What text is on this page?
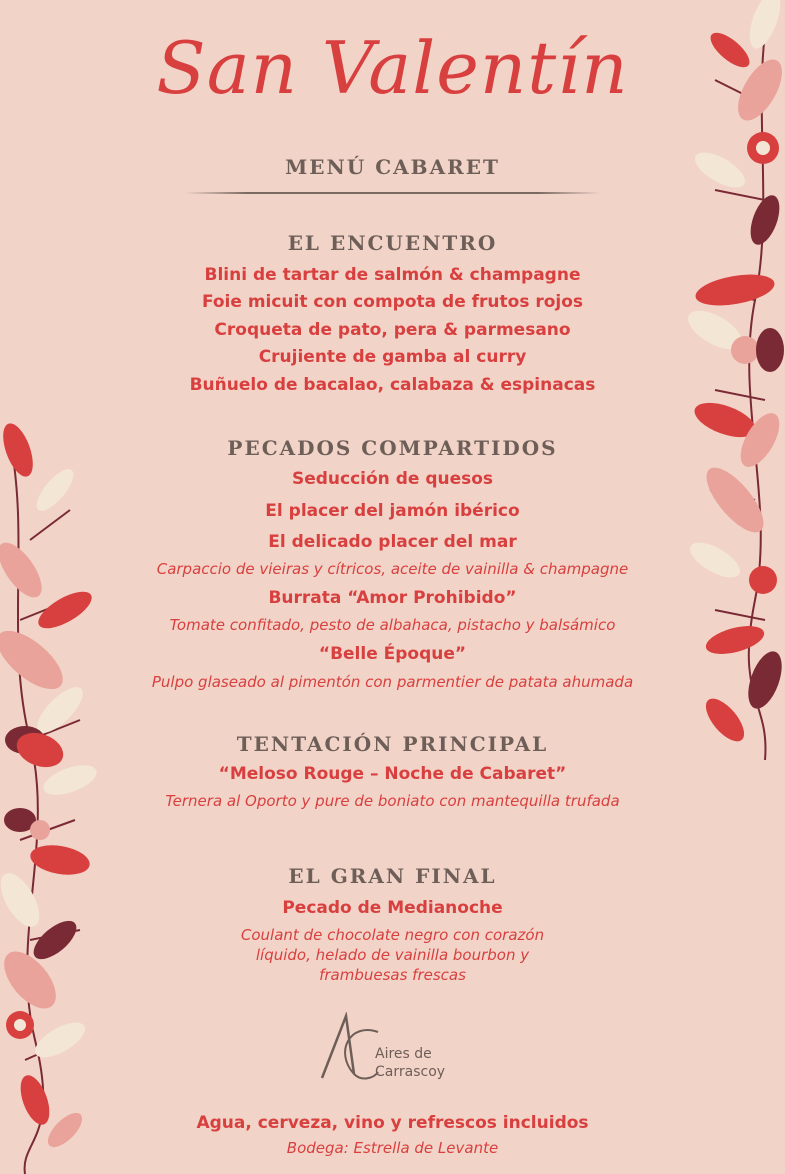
San Valentín
MENÚ CABARET
EL ENCUENTRO
Blini de tartar de salmón & champagne
Foie micuit con compota de frutos rojos
Croqueta de pato, pera & parmesano
Crujiente de gamba al curry
Buñuelo de bacalao, calabaza & espinacas
PECADOS COMPARTIDOS
Seducción de quesos
El placer del jamón ibérico
El delicado placer del mar
Carpaccio de vieiras y cítricos, aceite de vainilla & champagne
Burrata “Amor Prohibido”
Tomate confitado, pesto de albahaca, pistacho y balsámico
“Belle Époque”
Pulpo glaseado al pimentón con parmentier de patata ahumada
TENTACIÓN PRINCIPAL
“Meloso Rouge – Noche de Cabaret”
Ternera al Oporto y pure de boniato con mantequilla trufada
EL GRAN FINAL
Pecado de Medianoche
Coulant de chocolate negro con corazón
líquido, helado de vainilla bourbon y
frambuesas frescas
Aires de
Carrascoy
Agua, cerveza, vino y refrescos incluidos
Bodega: Estrella de Levante
